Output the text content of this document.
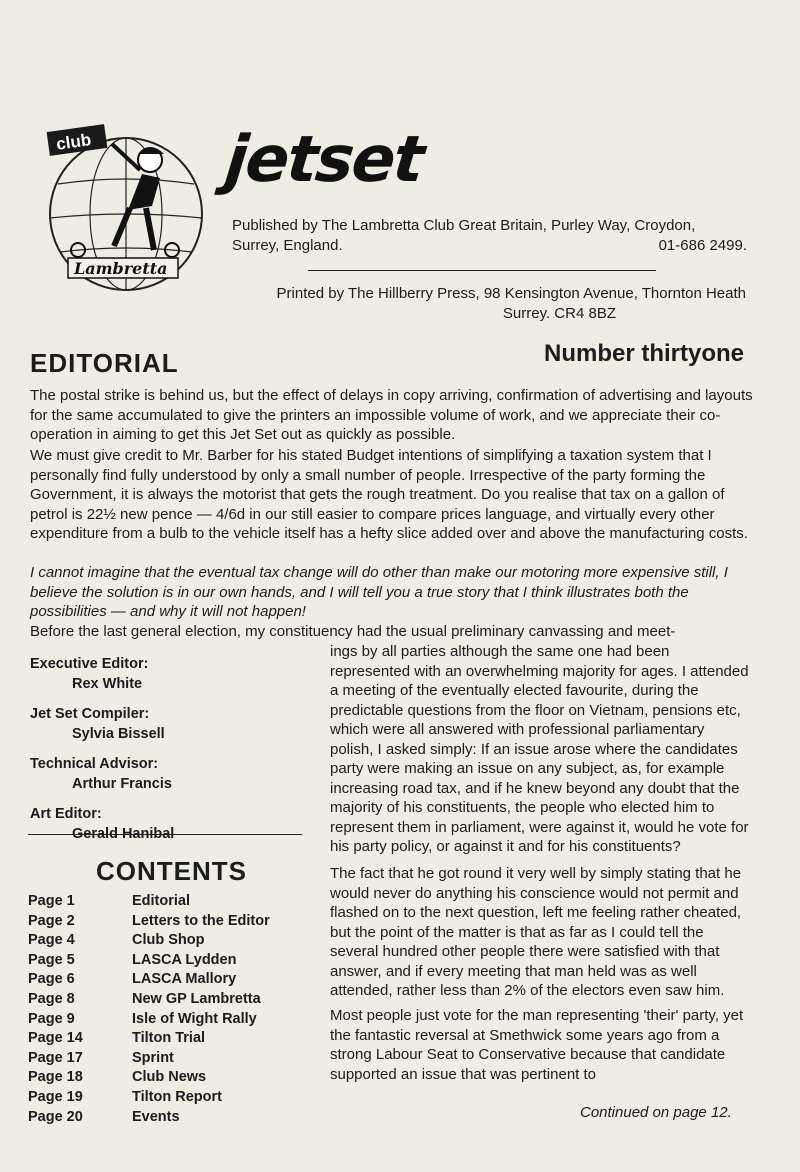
club
Lambretta
jetset
Published by The Lambretta Club Great Britain, Purley Way, Croydon,
Surrey, England.	01-686 2499.
Printed by The Hillberry Press, 98 Kensington Avenue, Thornton Heath
Surrey. CR4 8BZ
EDITORIAL	Number thirtyone
The postal strike is behind us, but the effect of delays in copy arriving, confirmation of advertising and layouts for the same accumulated to give the printers an impossible volume of work, and we appreciate their co-operation in aiming to get this Jet Set out as quickly as possible.
We must give credit to Mr. Barber for his stated Budget intentions of simplifying a taxation system that I personally find fully understood by only a small number of people. Irrespective of the party forming the Government, it is always the motorist that gets the rough treatment. Do you realise that tax on a gallon of petrol is 22½ new pence — 4/6d in our still easier to compare prices language, and virtually every other expenditure from a bulb to the vehicle itself has a hefty slice added over and above the manufacturing costs.
I cannot imagine that the eventual tax change will do other than make our motoring more expensive still, I believe the solution is in our own hands, and I will tell you a true story that I think illustrates both the possibilities — and why it will not happen!
Before the last general election, my constituency had the usual preliminary canvassing and meet-
Executive Editor:
Rex White
Jet Set Compiler:
Sylvia Bissell
Technical Advisor:
Arthur Francis
Art Editor:
Gerald Hanibal
CONTENTS
Page 1	Editorial
Page 2	Letters to the Editor
Page 4	Club Shop
Page 5	LASCA Lydden
Page 6	LASCA Mallory
Page 8	New GP Lambretta
Page 9	Isle of Wight Rally
Page 14	Tilton Trial
Page 17	Sprint
Page 18	Club News
Page 19	Tilton Report
Page 20	Events
ings by all parties although the same one had been represented with an overwhelming majority for ages. I attended a meeting of the eventually elected favourite, during the predictable questions from the floor on Vietnam, pensions etc, which were all answered with professional parliamentary polish, I asked simply: If an issue arose where the candidates party were making an issue on any subject, as, for example increasing road tax, and if he knew beyond any doubt that the majority of his constituents, the people who elected him to represent them in parliament, were against it, would he vote for his party policy, or against it and for his constituents?
The fact that he got round it very well by simply stating that he would never do anything his conscience would not permit and flashed on to the next question, left me feeling rather cheated, but the point of the matter is that as far as I could tell the several hundred other people there were satisfied with that answer, and if every meeting that man held was as well attended, rather less than 2% of the electors even saw him.
Most people just vote for the man representing 'their' party, yet the fantastic reversal at Smethwick some years ago from a strong Labour Seat to Conservative because that candidate supported an issue that was pertinent to
Continued on page 12.
